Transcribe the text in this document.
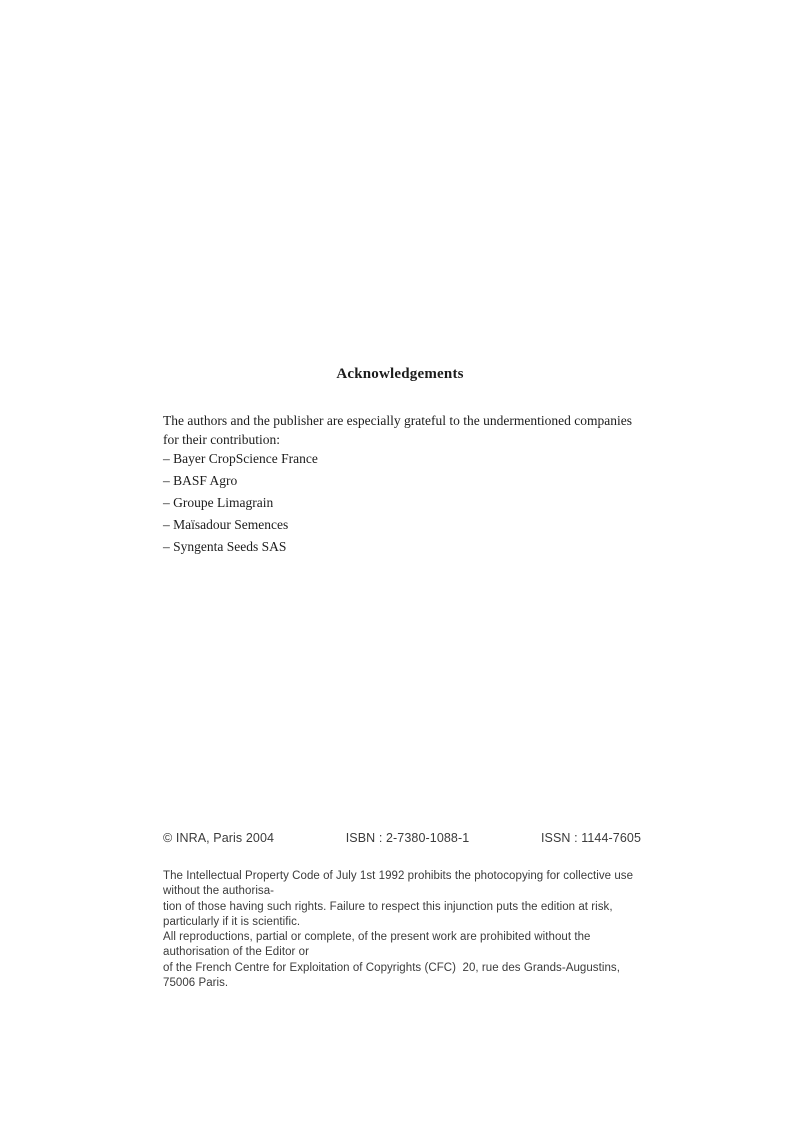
Acknowledgements

The authors and the publisher are especially grateful to the undermentioned companies for their contribution:

– Bayer CropScience France
– BASF Agro
– Groupe Limagrain
– Maïsadour Semences
– Syngenta Seeds SAS
© INRA, Paris 2004	ISBN : 2-7380-1088-1	ISSN : 1144-7605
The Intellectual Property Code of July 1st 1992 prohibits the photocopying for collective use without the authorisa-
tion of those having such rights. Failure to respect this injunction puts the edition at risk, particularly if it is scientific.
All reproductions, partial or complete, of the present work are prohibited without the authorisation of the Editor or
of the French Centre for Exploitation of Copyrights (CFC)  20, rue des Grands-Augustins,  75006 Paris.
